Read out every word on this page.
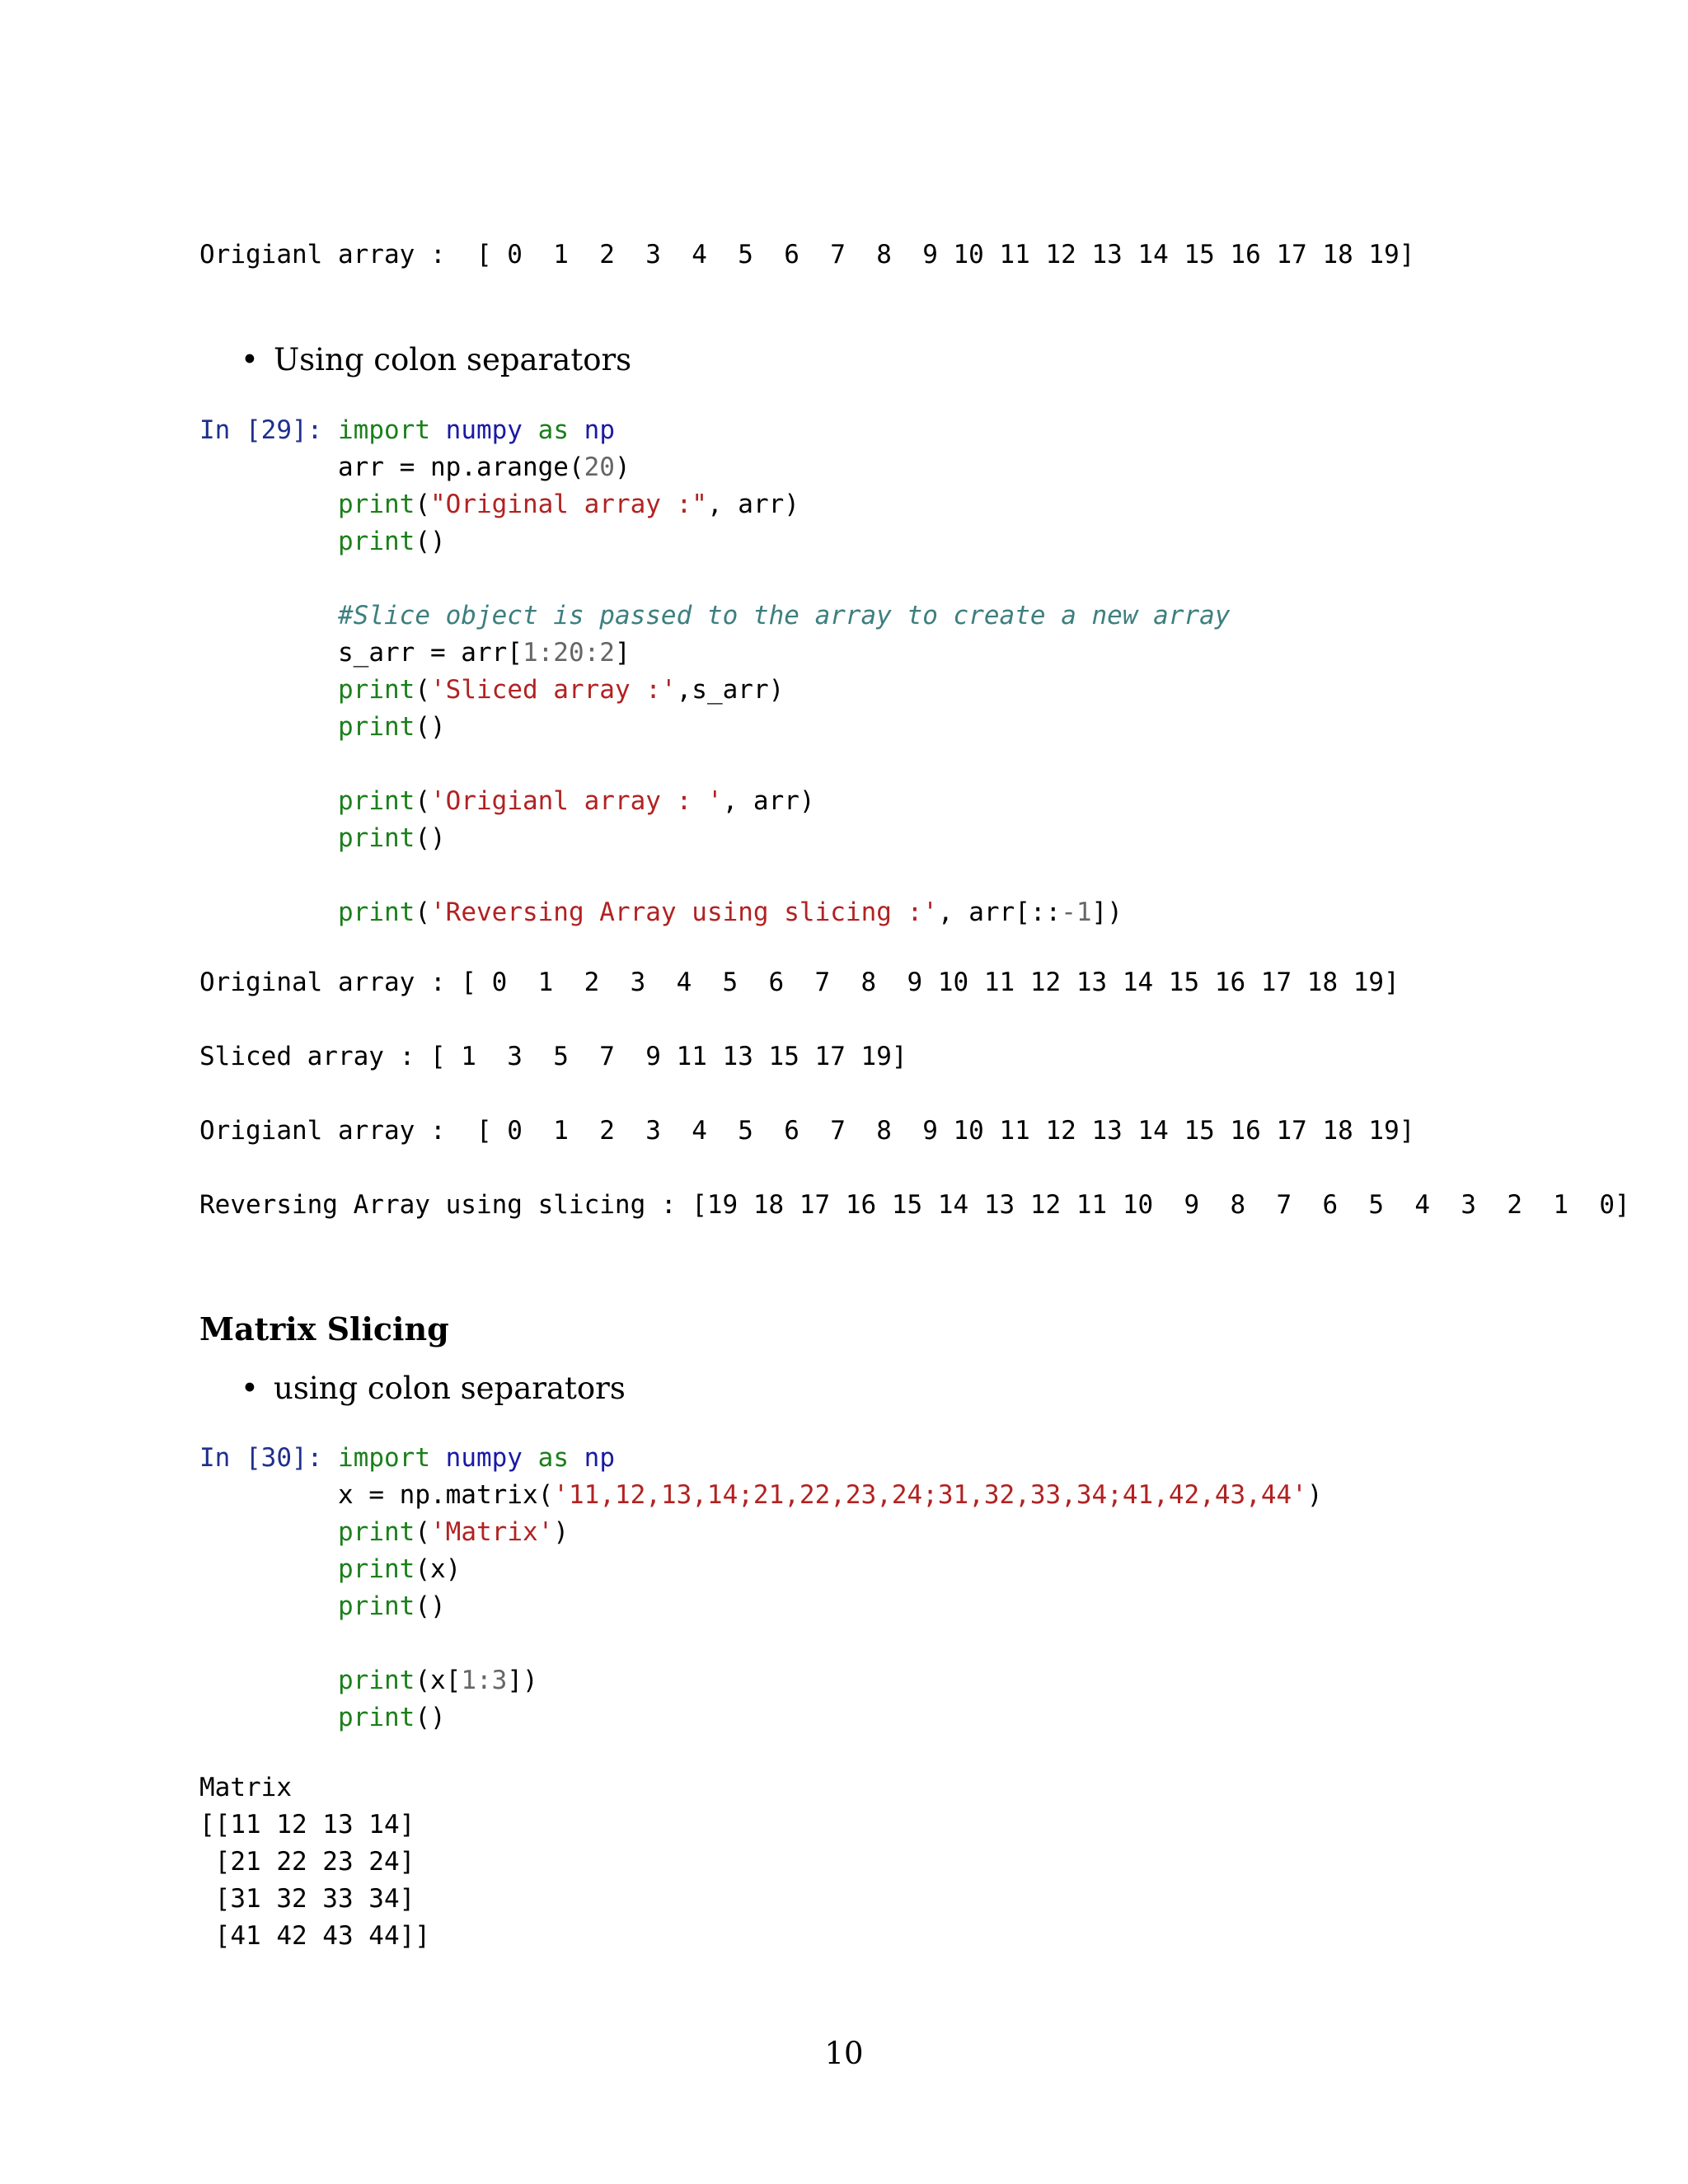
Origianl array :  [ 0  1  2  3  4  5  6  7  8  9 10 11 12 13 14 15 16 17 18 19]
• Using colon separators
In [29]: import numpy as np
arr = np.arange(20)
print("Original array :", arr)
print()
#Slice object is passed to the array to create a new array
s_arr = arr[1:20:2]
print('Sliced array :',s_arr)
print()
print('Origianl array : ', arr)
print()
print('Reversing Array using slicing :', arr[::-1])
Original array : [ 0  1  2  3  4  5  6  7  8  9 10 11 12 13 14 15 16 17 18 19]
Sliced array : [ 1  3  5  7  9 11 13 15 17 19]
Origianl array :  [ 0  1  2  3  4  5  6  7  8  9 10 11 12 13 14 15 16 17 18 19]
Reversing Array using slicing : [19 18 17 16 15 14 13 12 11 10  9  8  7  6  5  4  3  2  1  0]
Matrix Slicing
• using colon separators
In [30]: import numpy as np
x = np.matrix('11,12,13,14;21,22,23,24;31,32,33,34;41,42,43,44')
print('Matrix')
print(x)
print()
print(x[1:3])
print()
Matrix
[[11 12 13 14]
[21 22 23 24]
[31 32 33 34]
[41 42 43 44]]
10
